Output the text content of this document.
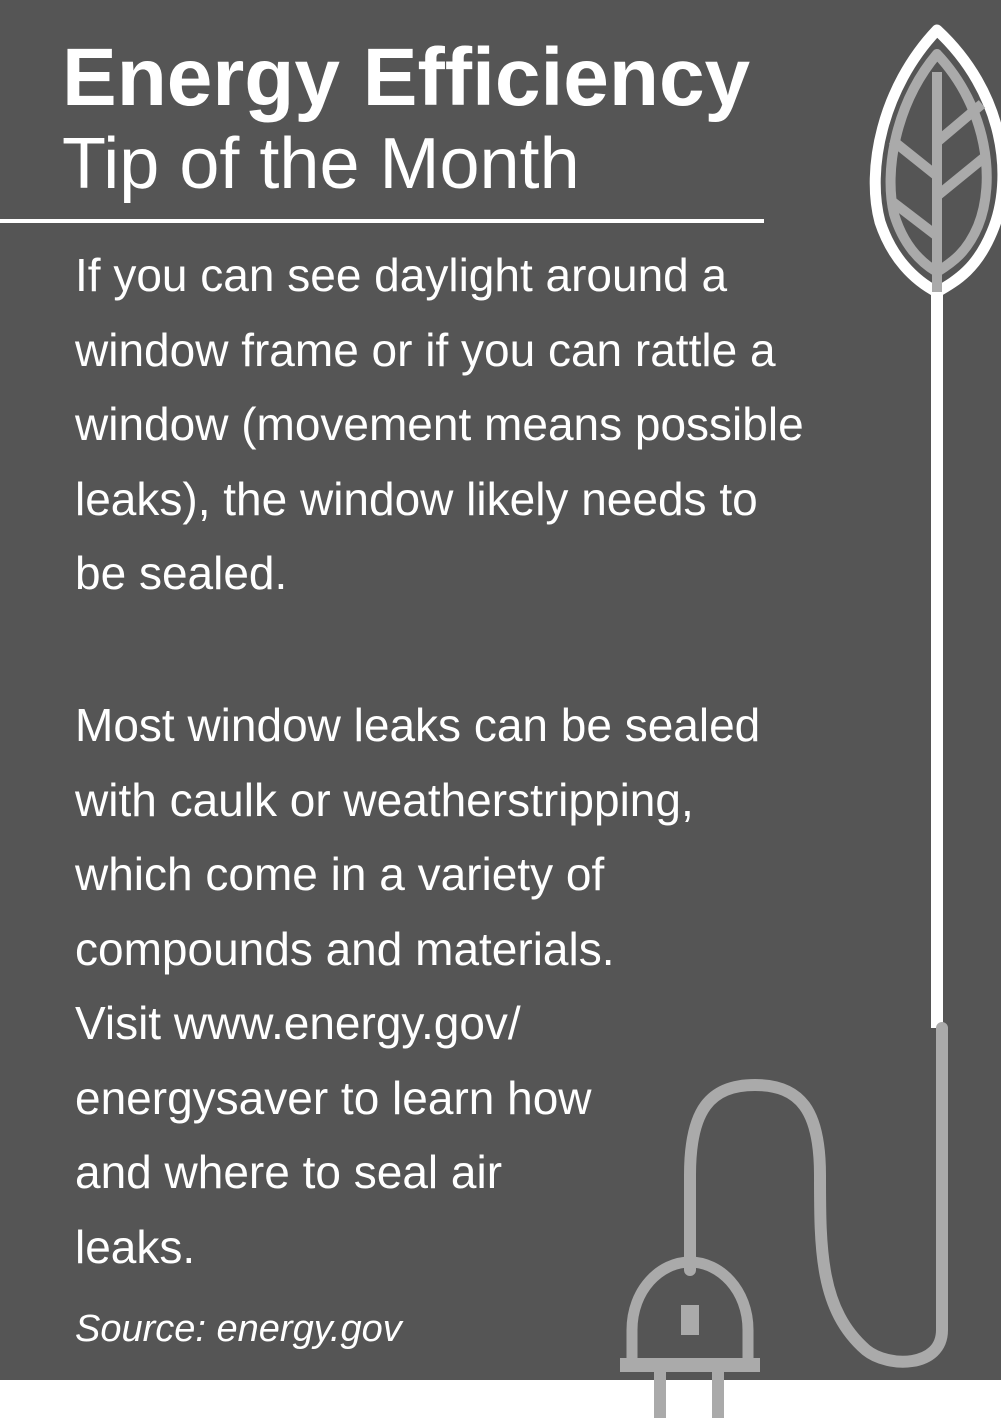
Energy Efficiency
Tip of the Month

If you can see daylight around a
window frame or if you can rattle a
window (movement means possible
leaks), the window likely needs to
be sealed.

Most window leaks can be sealed
with caulk or weatherstripping,
which come in a variety of
compounds and materials.
Visit www.energy.gov/
energysaver to learn how
and where to seal air
leaks.

Source: energy.gov
